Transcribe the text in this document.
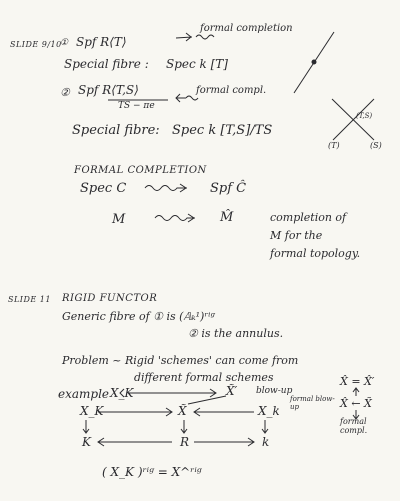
SLIDE 9/10
① Spf R⟨T⟩
formal completion
Special fibre : Spec k [T]
② Spf R⟨T,S⟩
TS − πe
formal compl.
Special fibre: Spec k [T,S]/TS
(T,S)
(T)	(S)
FORMAL COMPLETION
Spec C	Spf Ĉ
M	M̂	completion of
M for the
formal topology.
SLIDE 11 RIGID FUNCTOR
Generic fibre of ① is (𝔸ₖ¹)ʳⁱᵍ
② is the annulus.
Problem ~ Rigid 'schemes' can come from
different formal schemes
example X_K	X̃′ blow-up
X_K	X̃	X_k
K	R	k
X̂ = X̂′
formal blow-up	X̂ ← X̃
formal compl.
( X_K )ʳⁱᵍ = X^ʳⁱᵍ
